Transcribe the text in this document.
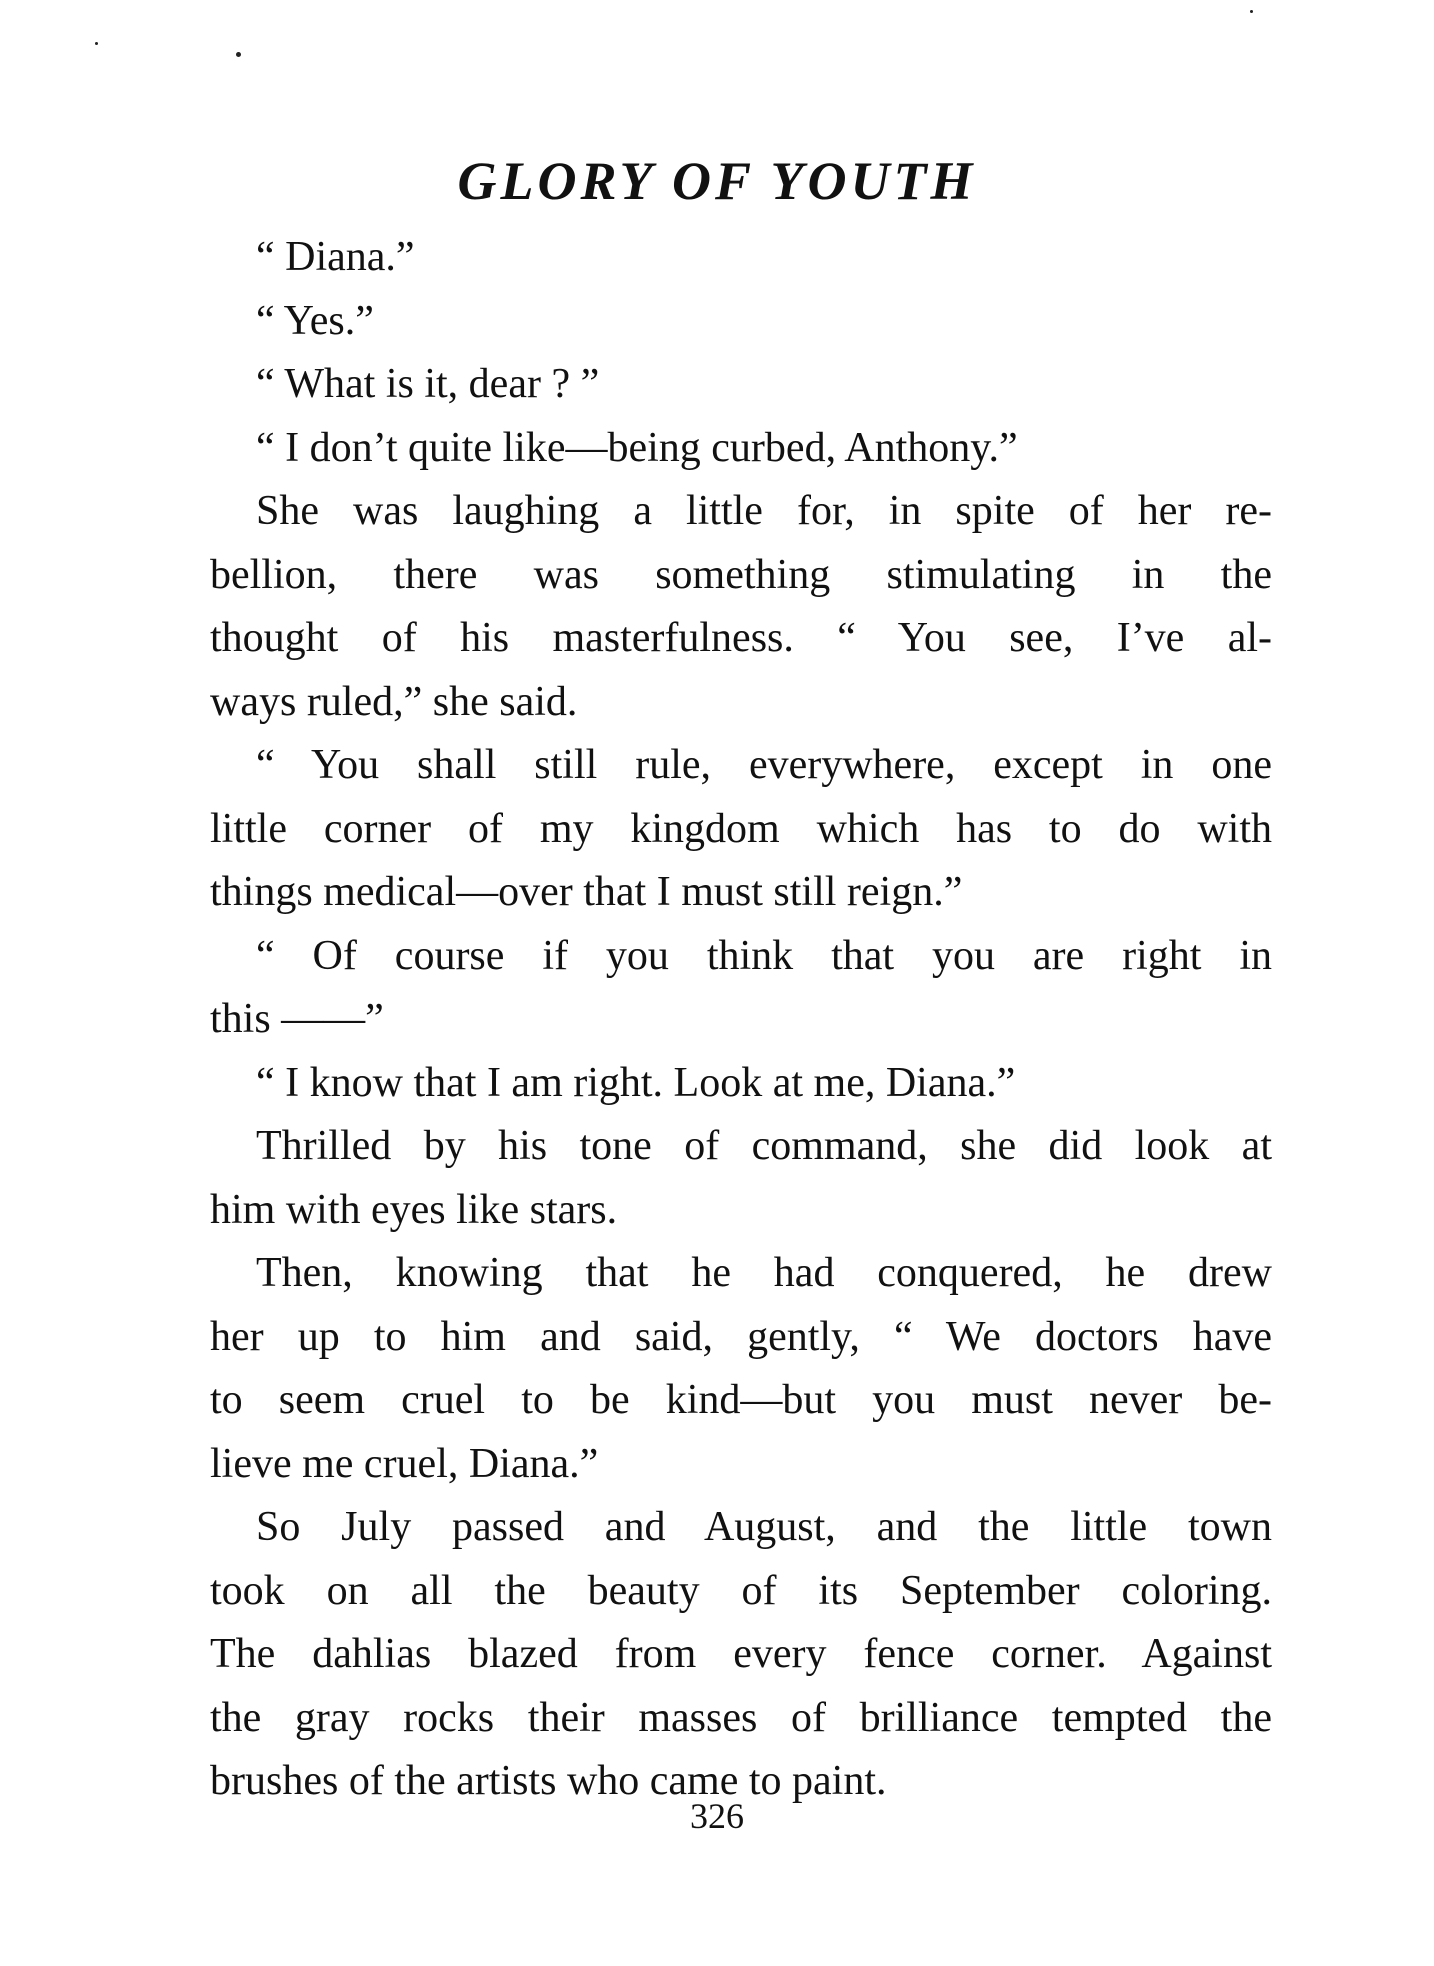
GLORY OF YOUTH
“ Diana.”
“ Yes.”
“ What is it, dear ? ”
“ I don’t quite like—being curbed, Anthony.”
She was laughing a little for, in spite of her re-
bellion, there was something stimulating in the
thought of his masterfulness. “ You see, I’ve al-
ways ruled,” she said.
“ You shall still rule, everywhere, except in one
little corner of my kingdom which has to do with
things medical—over that I must still reign.”
“ Of course if you think that you are right in
this ——”
“ I know that I am right. Look at me, Diana.”
Thrilled by his tone of command, she did look at
him with eyes like stars.
Then, knowing that he had conquered, he drew
her up to him and said, gently, “ We doctors have
to seem cruel to be kind—but you must never be-
lieve me cruel, Diana.”
So July passed and August, and the little town
took on all the beauty of its September coloring.
The dahlias blazed from every fence corner. Against
the gray rocks their masses of brilliance tempted the
brushes of the artists who came to paint.

326
